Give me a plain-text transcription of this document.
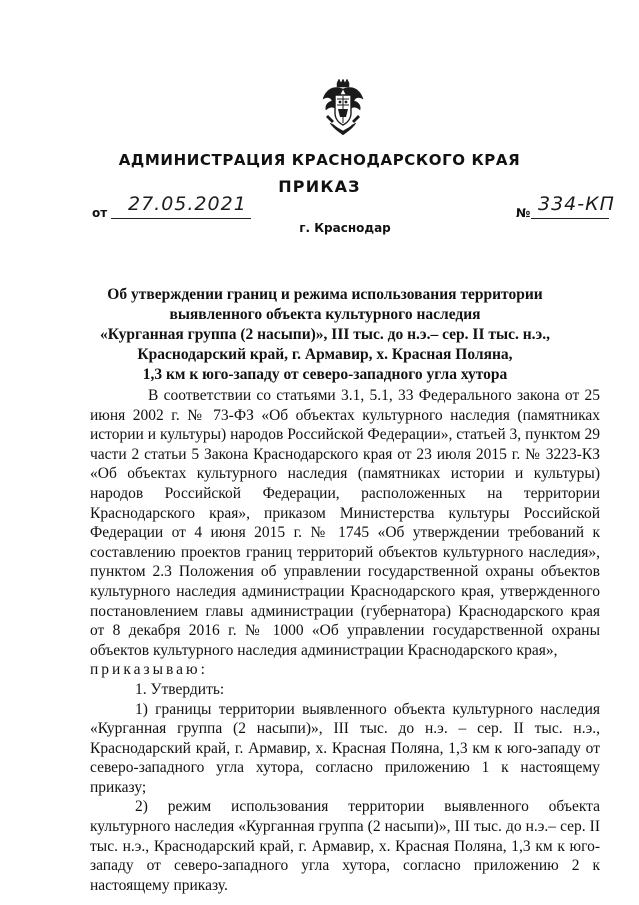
АДМИНИСТРАЦИЯ КРАСНОДАРСКОГО КРАЯ
ПРИКАЗ
от 27.05.2021	№ 334-КП
г. Краснодар
Об утверждении границ и режима использования территории
выявленного объекта культурного наследия
«Курганная группа (2 насыпи)», III тыс. до н.э.– сер. II тыс. н.э.,
Краснодарский край, г. Армавир, х. Красная Поляна,
1,3 км к юго-западу от северо-западного угла хутора

В соответствии со статьями 3.1, 5.1, 33 Федерального закона от 25 июня 2002 г. № 73-ФЗ «Об объектах культурного наследия (памятниках истории и культуры) народов Российской Федерации», статьей 3, пунктом 29 части 2 статьи 5 Закона Краснодарского края от 23 июля 2015 г. № 3223-КЗ «Об объектах культурного наследия (памятниках истории и культуры) народов Российской Федерации, расположенных на территории Краснодарского края», приказом Министерства культуры Российской Федерации от 4 июня 2015 г. № 1745 «Об утверждении требований к составлению проектов границ территорий объектов культурного наследия», пунктом 2.3 Положения об управлении государственной охраны объектов культурного наследия администрации Краснодарского края, утвержденного постановлением главы администрации (губернатора) Краснодарского края от 8 декабря 2016 г. № 1000 «Об управлении государственной охраны объектов культурного наследия администрации Краснодарского края»,

приказываю:

1. Утвердить:

1) границы территории выявленного объекта культурного наследия «Курганная группа (2 насыпи)», III тыс. до н.э. – сер. II тыс. н.э., Краснодарский край, г. Армавир, х. Красная Поляна, 1,3 км к юго-западу от северо-западного угла хутора, согласно приложению 1 к настоящему приказу;

2) режим использования территории выявленного объекта культурного наследия «Курганная группа (2 насыпи)», III тыс. до н.э.– сер. II тыс. н.э., Краснодарский край, г. Армавир, х. Красная Поляна, 1,3 км к юго-западу от северо-западного угла хутора, согласно приложению 2 к настоящему приказу.
